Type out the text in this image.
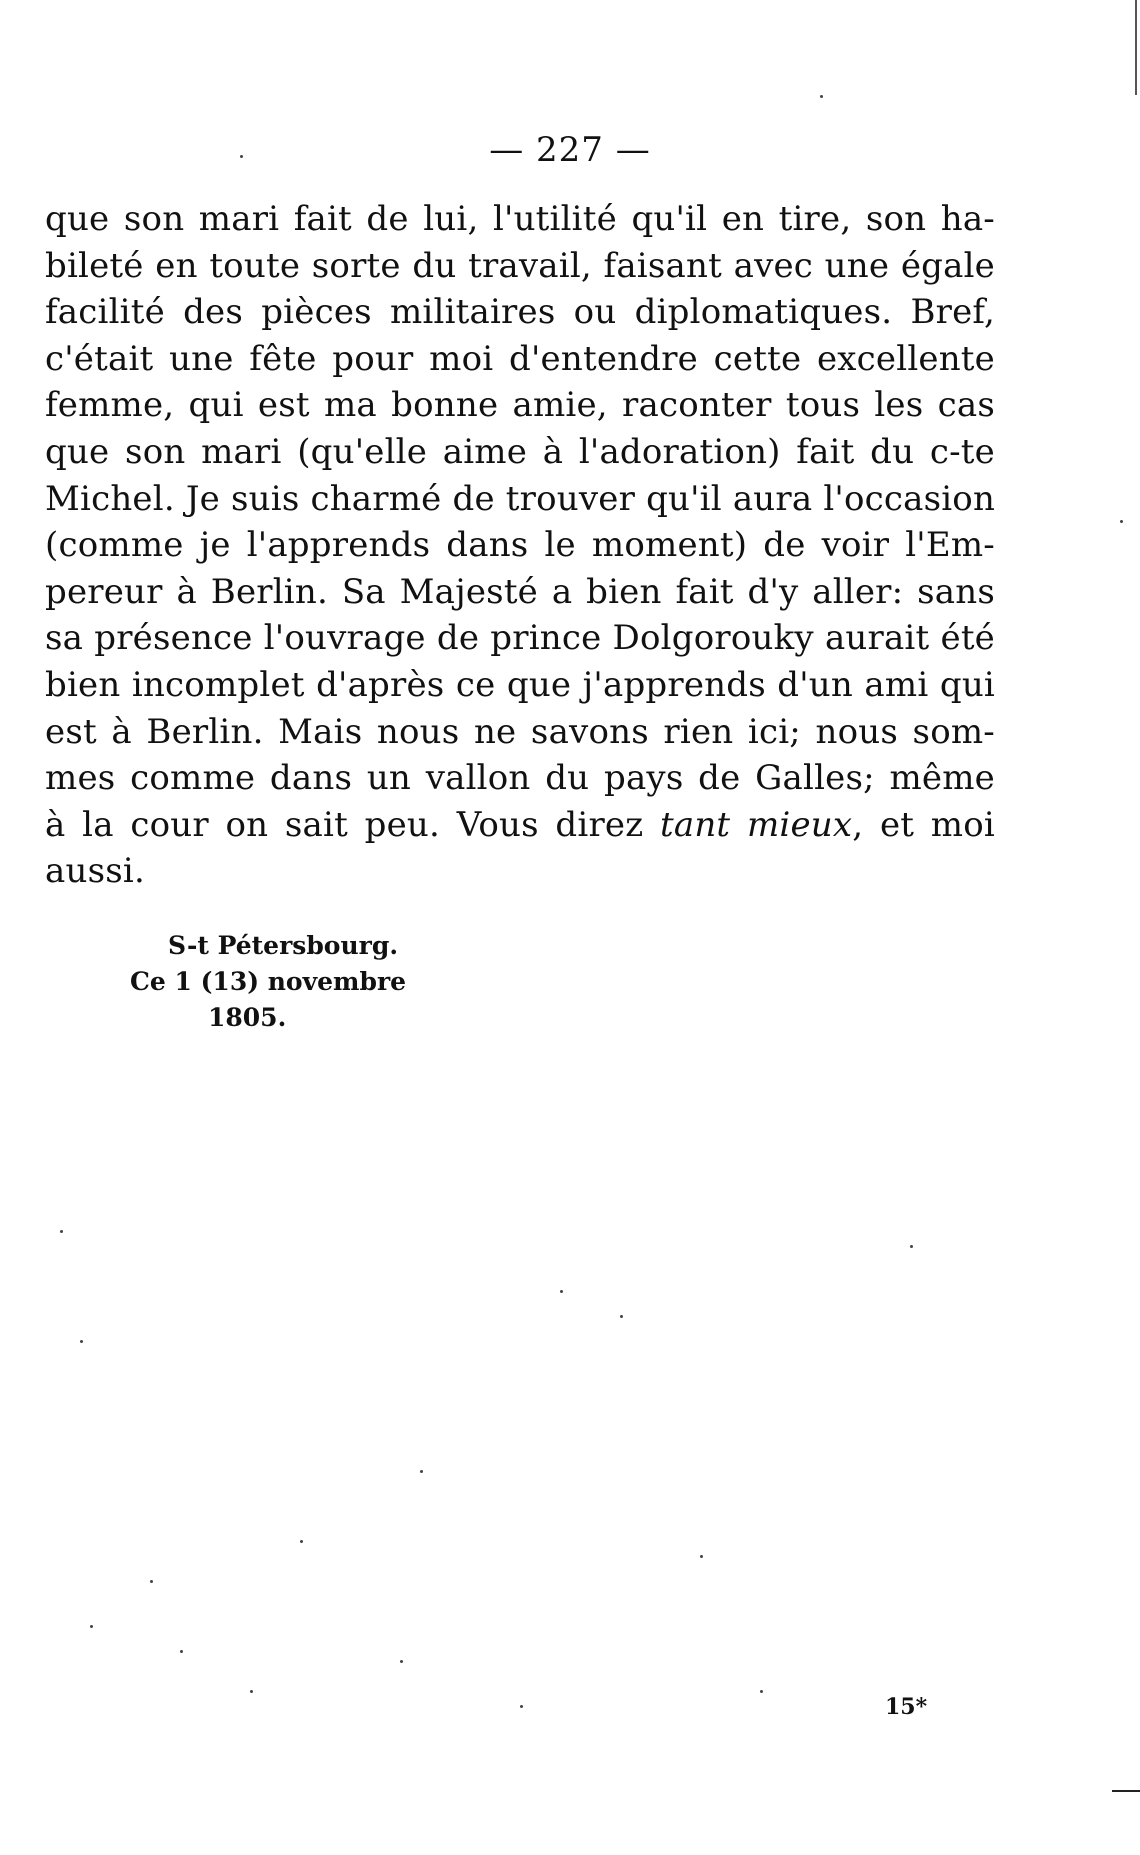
— 227 —
que son mari fait de lui, l'utilité qu'il en tire, son ha-
bileté en toute sorte du travail, faisant avec une égale
facilité des pièces militaires ou diplomatiques. Bref,
c'était une fête pour moi d'entendre cette excellente
femme, qui est ma bonne amie, raconter tous les cas
que son mari (qu'elle aime à l'adoration) fait du c-te
Michel. Je suis charmé de trouver qu'il aura l'occasion
(comme je l'apprends dans le moment) de voir l'Em-
pereur à Berlin. Sa Majesté a bien fait d'y aller: sans
sa présence l'ouvrage de prince Dolgorouky aurait été
bien incomplet d'après ce que j'apprends d'un ami qui
est à Berlin. Mais nous ne savons rien ici; nous som-
mes comme dans un vallon du pays de Galles; même
à la cour on sait peu. Vous direz tant mieux, et moi
aussi.
S-t Pétersbourg.
Ce 1 (13) novembre
1805.
15*
